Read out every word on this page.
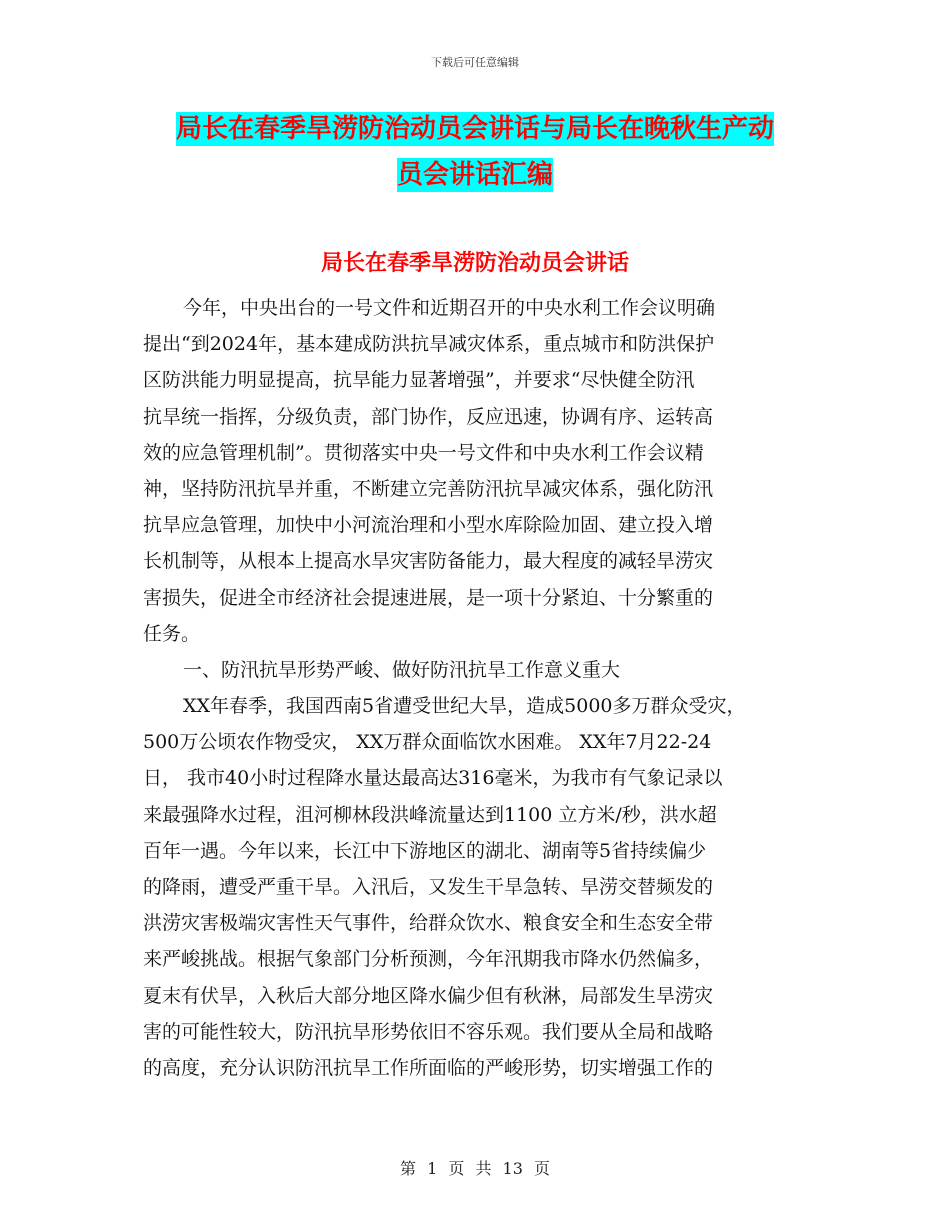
下载后可任意编辑
局长在春季旱涝防治动员会讲话与局长在晚秋生产动
员会讲话汇编
局长在春季旱涝防治动员会讲话
今年，中央出台的一号文件和近期召开的中央水利工作会议明确
提出“到2024年，基本建成防洪抗旱减灾体系，重点城市和防洪保护
区防洪能力明显提高，抗旱能力显著增强”，并要求“尽快健全防汛
抗旱统一指挥，分级负责，部门协作，反应迅速，协调有序、运转高
效的应急管理机制”。贯彻落实中央一号文件和中央水利工作会议精
神，坚持防汛抗旱并重，不断建立完善防汛抗旱减灾体系，强化防汛
抗旱应急管理，加快中小河流治理和小型水库除险加固、建立投入增
长机制等，从根本上提高水旱灾害防备能力，最大程度的减轻旱涝灾
害损失，促进全市经济社会提速进展，是一项十分紧迫、十分繁重的
任务。
一、防汛抗旱形势严峻、做好防汛抗旱工作意义重大
XX年春季，我国西南5省遭受世纪大旱，造成5000多万群众受灾，
500万公顷农作物受灾， XX万群众面临饮水困难。 XX年7月22-24
日， 我市40小时过程降水量达最高达316毫米，为我市有气象记录以
来最强降水过程，沮河柳林段洪峰流量达到1100 立方米/秒，洪水超
百年一遇。今年以来，长江中下游地区的湖北、湖南等5省持续偏少
的降雨，遭受严重干旱。入汛后，又发生干旱急转、旱涝交替频发的
洪涝灾害极端灾害性天气事件，给群众饮水、粮食安全和生态安全带
来严峻挑战。根据气象部门分析预测，今年汛期我市降水仍然偏多，
夏末有伏旱，入秋后大部分地区降水偏少但有秋淋，局部发生旱涝灾
害的可能性较大，防汛抗旱形势依旧不容乐观。我们要从全局和战略
的高度，充分认识防汛抗旱工作所面临的严峻形势，切实增强工作的
第 1 页 共 13 页
